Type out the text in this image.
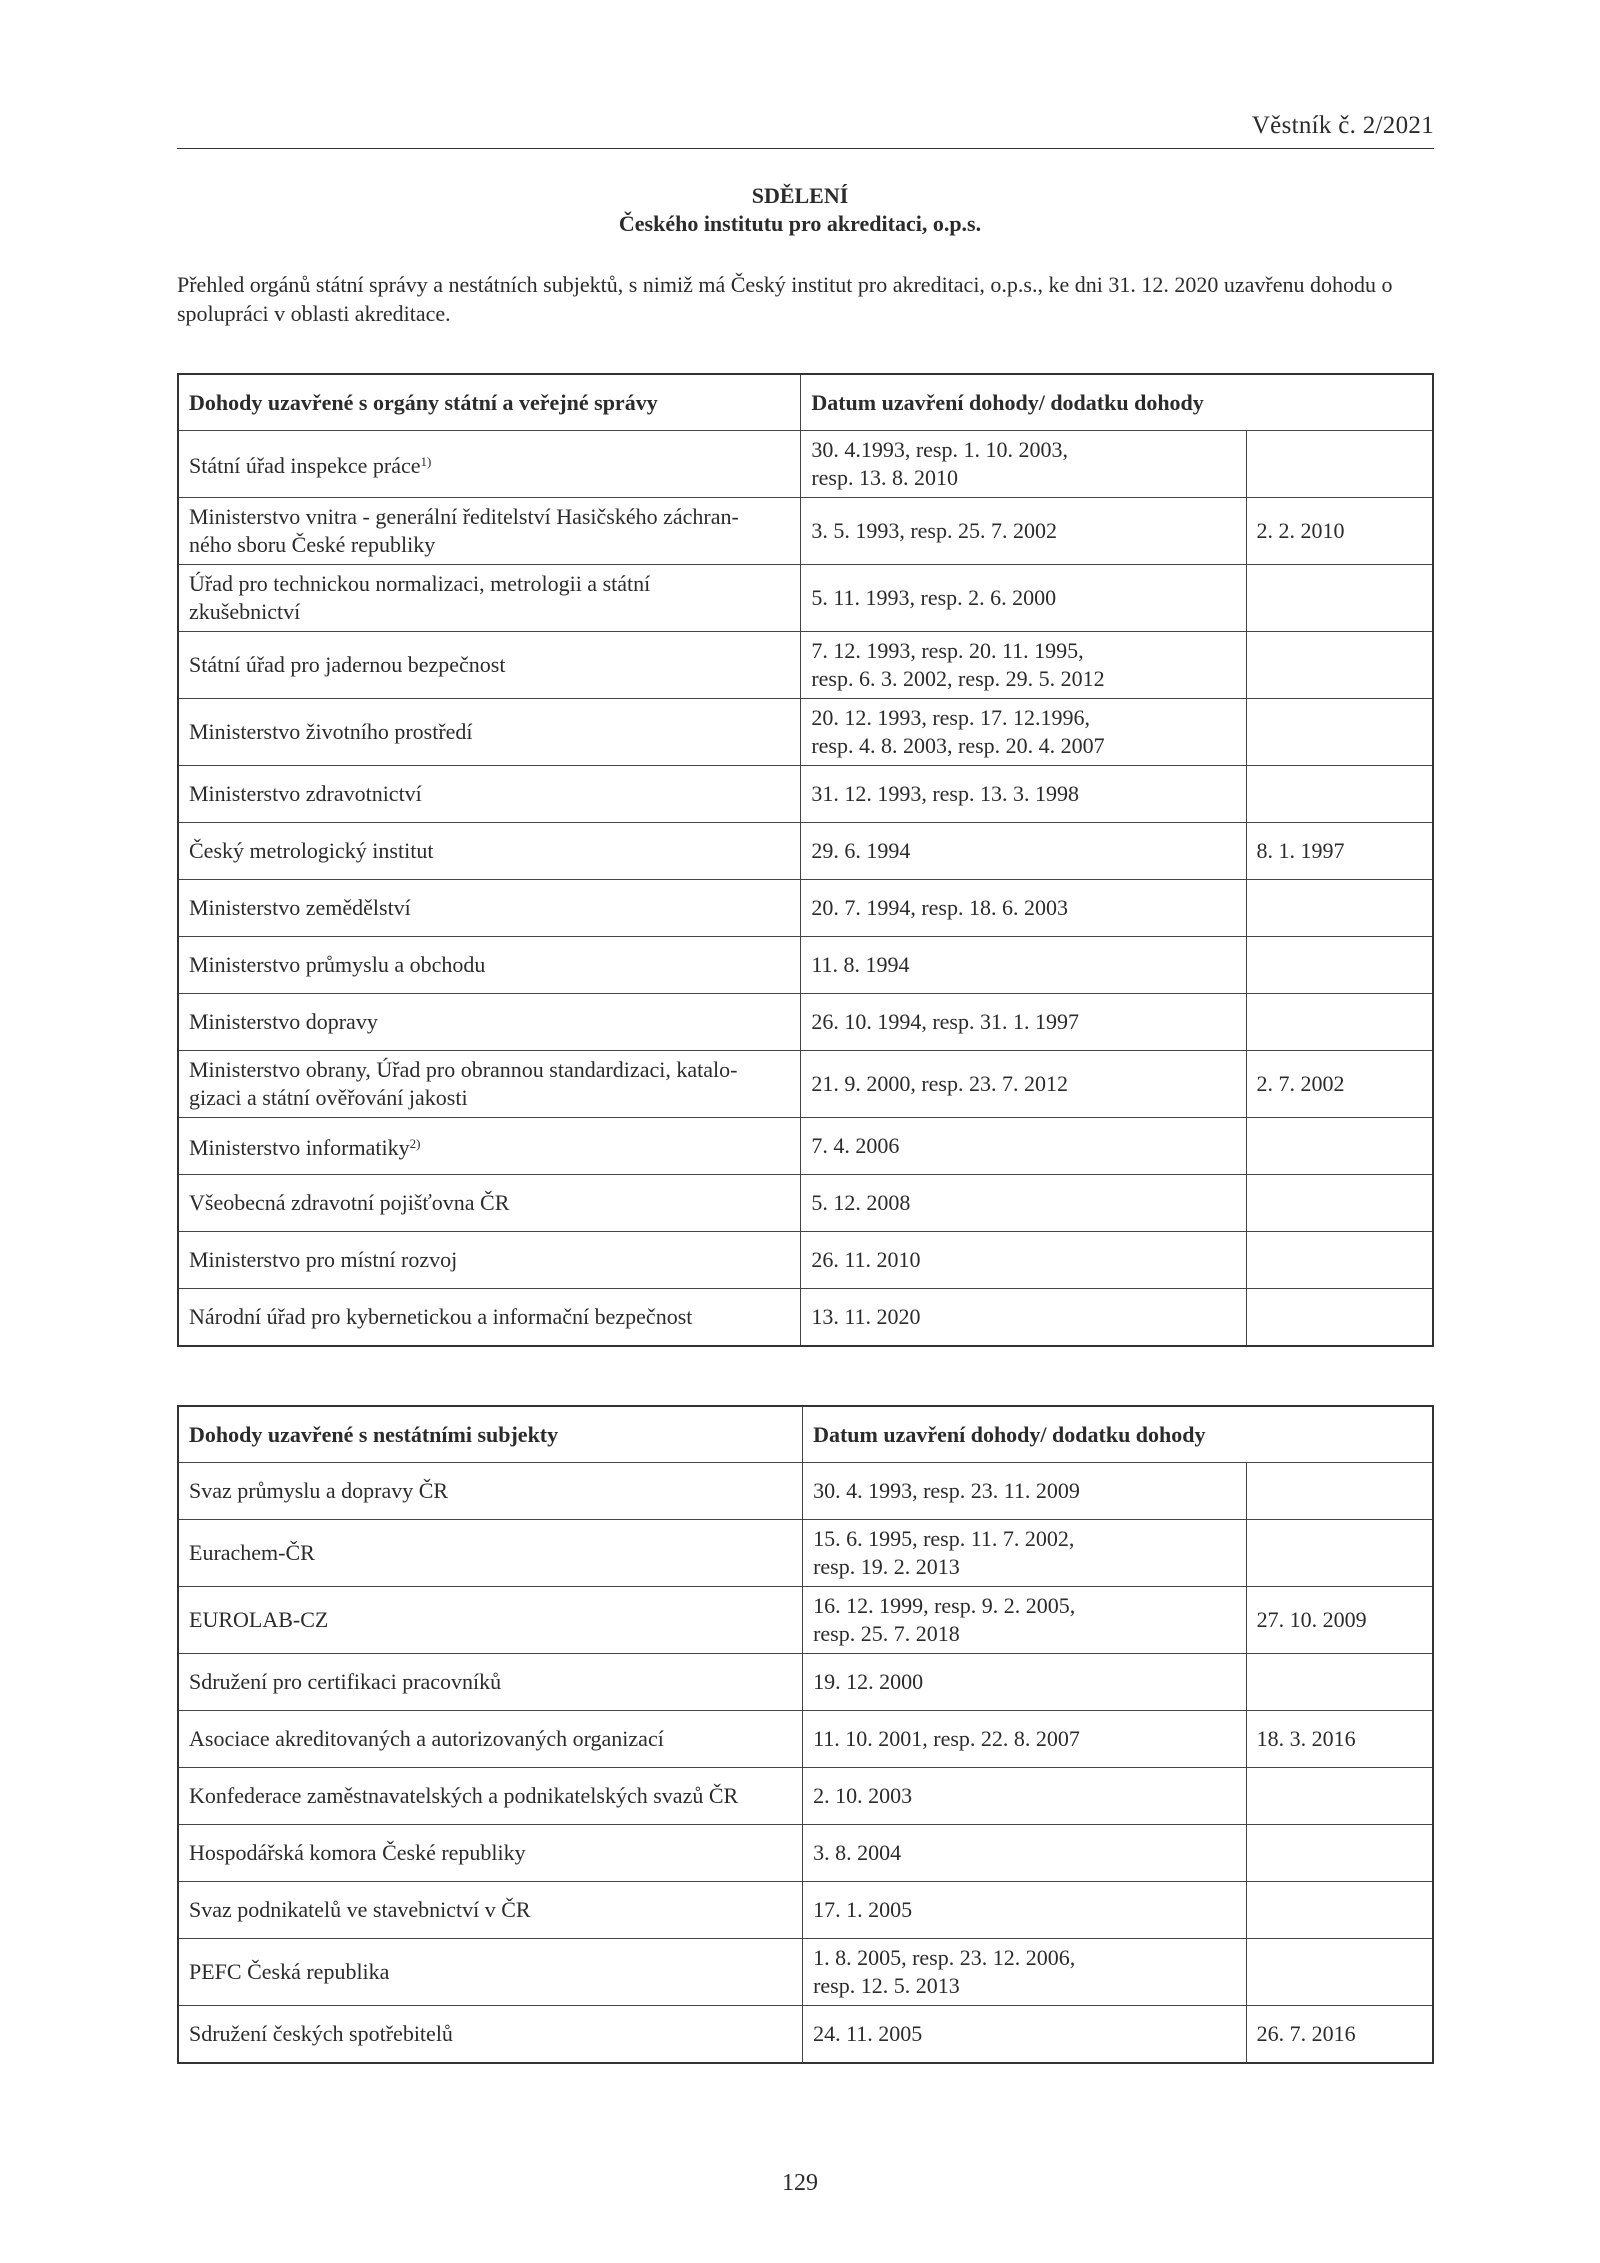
Věstník č. 2/2021
SDĚLENÍ
Českého institutu pro akreditaci, o.p.s.
Přehled orgánů státní správy a nestátních subjektů, s nimiž má Český institut pro akreditaci, o.p.s., ke dni 31. 12. 2020 uzavřenu dohodu o spolupráci v oblasti akreditace.
Dohody uzavřené s orgány státní a veřejné správy	Datum uzavření dohody/ dodatku dohody	
Státní úřad inspekce práce$^{1)}$	30. 4.1993, resp. 1. 10. 2003,
resp. 13. 8. 2010	

Ministerstvo vnitra - generální ředitelství Hasičského záchran-
ného sboru České republiky	3. 5. 1993, resp. 25. 7. 2002	2. 2. 2010

Úřad pro technickou normalizaci, metrologii a státní
zkušebnictví	5. 11. 1993, resp. 2. 6. 2000	
Státní úřad pro jadernou bezpečnost	7. 12. 1993, resp. 20. 11. 1995,
resp. 6. 3. 2002, resp. 29. 5. 2012	

Ministerstvo životního prostředí	20. 12. 1993, resp. 17. 12.1996,
resp. 4. 8. 2003, resp. 20. 4. 2007	

Ministerstvo zdravotnictví	31. 12. 1993, resp. 13. 3. 1998	
Český metrologický institut	29. 6. 1994	8. 1. 1997
Ministerstvo zemědělství	20. 7. 1994, resp. 18. 6. 2003	
Ministerstvo průmyslu a obchodu	11. 8. 1994	
Ministerstvo dopravy	26. 10. 1994, resp. 31. 1. 1997	

Ministerstvo obrany, Úřad pro obrannou standardizaci, katalo-
gizaci a státní ověřování jakosti	21. 9. 2000, resp. 23. 7. 2012	2. 7. 2002
Ministerstvo informatiky$^{2)}$	7. 4. 2006	
Všeobecná zdravotní pojišťovna ČR	5. 12. 2008	
Ministerstvo pro místní rozvoj	26. 11. 2010	
Národní úřad pro kybernetickou a informační bezpečnost	13. 11. 2020	
Dohody uzavřené s nestátními subjekty	Datum uzavření dohody/ dodatku dohody	
Svaz průmyslu a dopravy ČR	30. 4. 1993, resp. 23. 11. 2009	
Eurachem-ČR	15. 6. 1995, resp. 11. 7. 2002,
resp. 19. 2. 2013	

EUROLAB-CZ	16. 12. 1999, resp. 9. 2. 2005,
resp. 25. 7. 2018	27. 10. 2009
Sdružení pro certifikaci pracovníků	19. 12. 2000	
Asociace akreditovaných a autorizovaných organizací	11. 10. 2001, resp. 22. 8. 2007	18. 3. 2016
Konfederace zaměstnavatelských a podnikatelských svazů ČR	2. 10. 2003	
Hospodářská komora České republiky	3. 8. 2004	
Svaz podnikatelů ve stavebnictví v ČR	17. 1. 2005	
PEFC Česká republika	1. 8. 2005, resp. 23. 12. 2006,
resp. 12. 5. 2013	

Sdružení českých spotřebitelů	24. 11. 2005	26. 7. 2016
129
